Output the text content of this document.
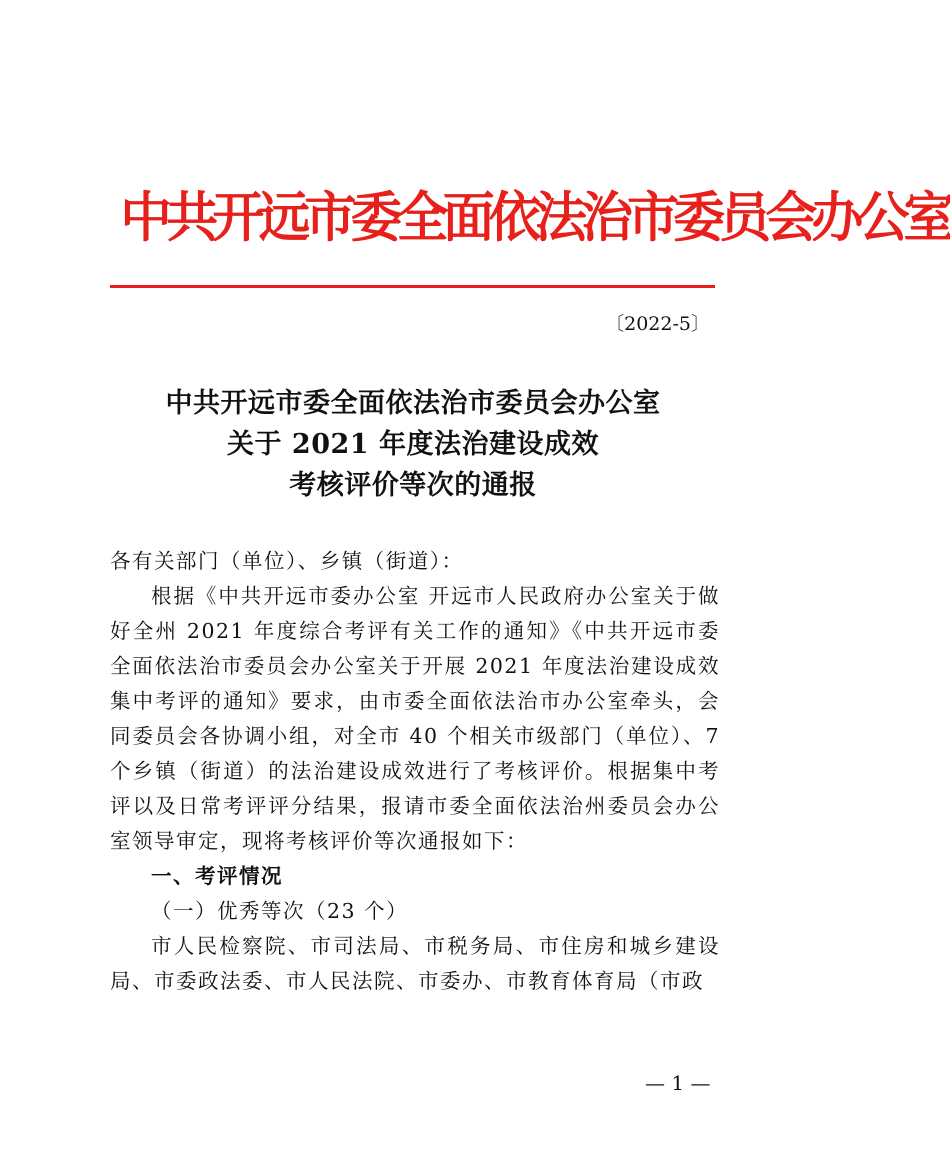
中共开远市委全面依法治市委员会办公室
〔2022-5〕
中共开远市委全面依法治市委员会办公室
关于 2021 年度法治建设成效
考核评价等次的通报

各有关部门（单位）、乡镇（街道）：

根据《中共开远市委办公室 开远市人民政府办公室关于做好全州 2021 年度综合考评有关工作的通知》《中共开远市委全面依法治市委员会办公室关于开展 2021 年度法治建设成效集中考评的通知》要求，由市委全面依法治市办公室牵头，会同委员会各协调小组，对全市 40 个相关市级部门（单位）、7 个乡镇（街道）的法治建设成效进行了考核评价。根据集中考评以及日常考评评分结果，报请市委全面依法治州委员会办公室领导审定，现将考核评价等次通报如下：

一、考评情况

（一）优秀等次（23 个）

市人民检察院、市司法局、市税务局、市住房和城乡建设局、市委政法委、市人民法院、市委办、市教育体育局（市政

— 1 —
